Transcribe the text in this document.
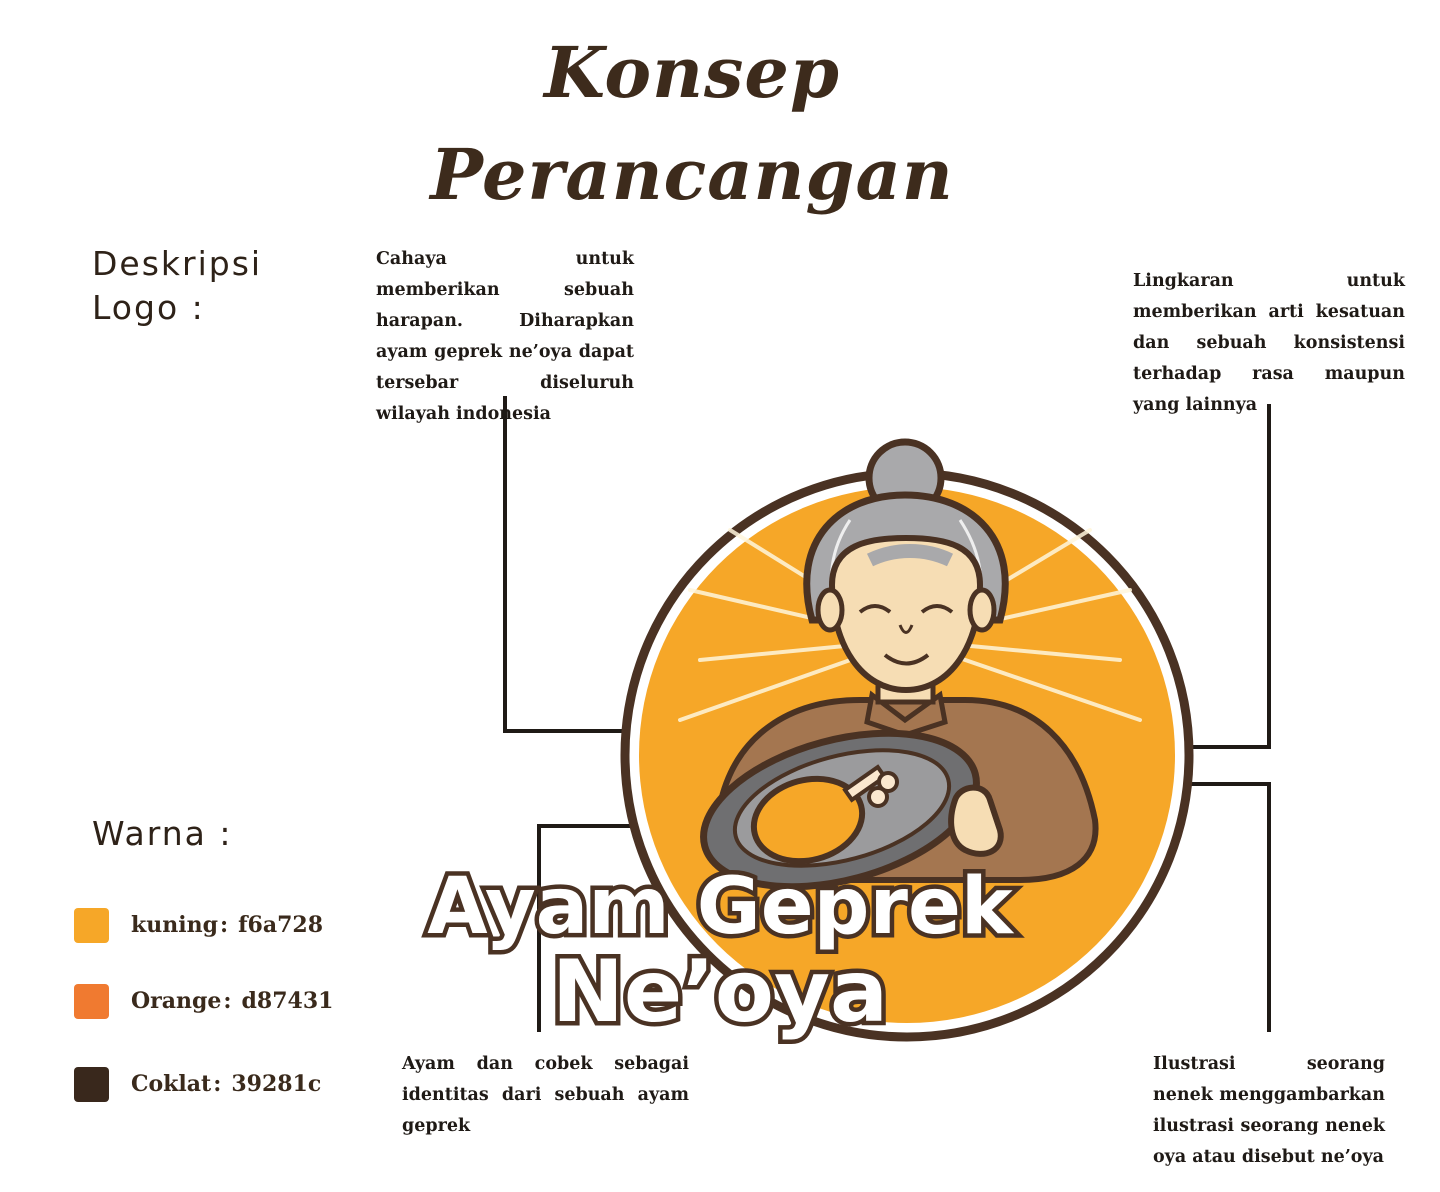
Konsep
Perancangan
Deskripsi
Logo :
Warna :
kuning: f6a728
Orange: d87431
Coklat: 39281c
Cahaya untuk memberikan sebuah harapan. Diharapkan ayam geprek ne’oya dapat tersebar diseluruh wilayah indonesia
Lingkaran untuk memberikan arti kesatuan dan sebuah konsistensi terhadap rasa maupun yang lainnya
Ayam dan cobek sebagai identitas dari sebuah ayam geprek
Ilustrasi seorang nenek menggambarkan ilustrasi seorang nenek oya atau disebut ne’oya
Ayam Geprek
Ne’oya
